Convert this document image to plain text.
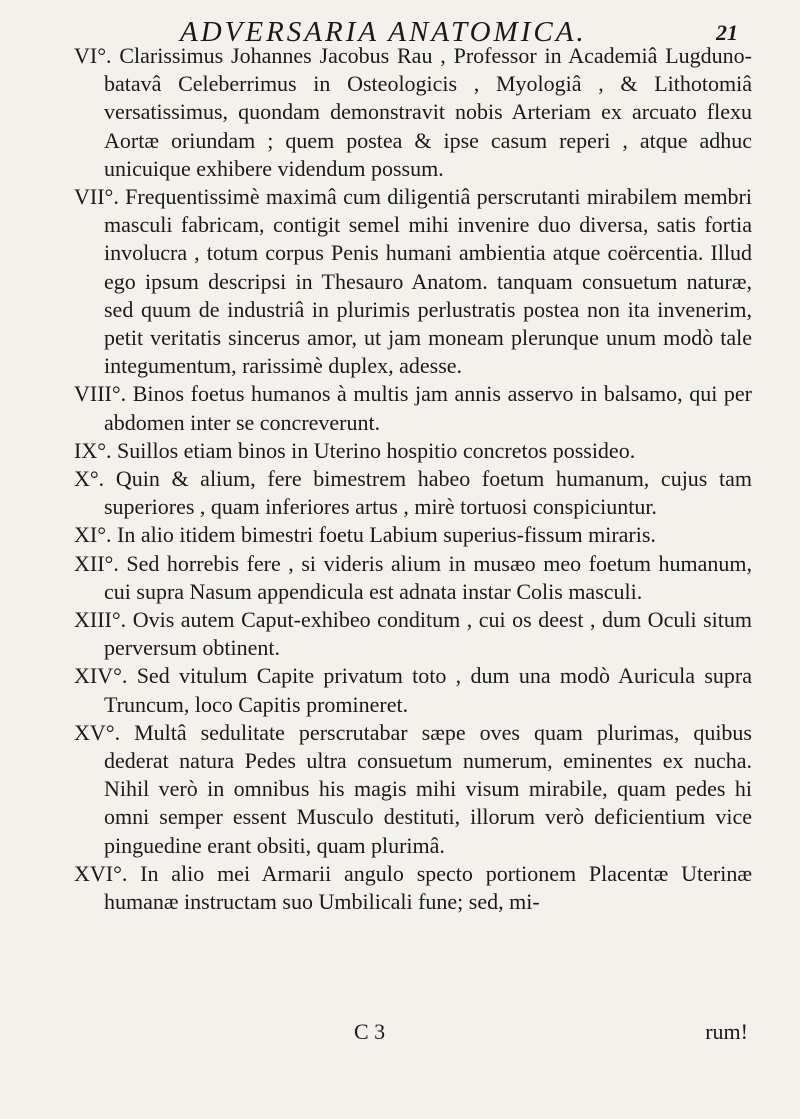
ADVERSARIA ANATOMICA.	21

VI°. Clarissimus Johannes Jacobus Rau , Professor in Academiâ Lugduno-batavâ Celeberrimus in Osteologicis , Myologiâ , & Lithotomiâ versatissimus, quondam demonstravit nobis Arteriam ex arcuato flexu Aortæ oriundam ; quem postea & ipse casum reperi , atque adhuc unicuique exhibere videndum possum.

VII°. Frequentissimè maximâ cum diligentiâ perscrutanti mirabilem membri masculi fabricam, contigit semel mihi invenire duo diversa, satis fortia involucra , totum corpus Penis humani ambientia atque coërcentia. Illud ego ipsum descripsi in Thesauro Anatom. tanquam consuetum naturæ, sed quum de industriâ in plurimis perlustratis postea non ita invenerim, petit veritatis sincerus amor, ut jam moneam plerunque unum modò tale integumentum, rarissimè duplex, adesse.

VIII°. Binos foetus humanos à multis jam annis asservo in balsamo, qui per abdomen inter se concreverunt.

IX°. Suillos etiam binos in Uterino hospitio concretos possideo.

X°. Quin & alium, fere bimestrem habeo foetum humanum, cujus tam superiores , quam inferiores artus , mirè tortuosi conspiciuntur.

XI°. In alio itidem bimestri foetu Labium superius-fissum miraris.

XII°. Sed horrebis fere , si videris alium in musæo meo foetum humanum, cui supra Nasum appendicula est adnata instar Colis masculi.

XIII°. Ovis autem Caput-exhibeo conditum , cui os deest , dum Oculi situm perversum obtinent.

XIV°. Sed vitulum Capite privatum toto , dum una modò Auricula supra Truncum, loco Capitis promineret.

XV°. Multâ sedulitate perscrutabar sæpe oves quam plurimas, quibus dederat natura Pedes ultra consuetum numerum, eminentes ex nucha. Nihil verò in omnibus his magis mihi visum mirabile, quam pedes hi omni semper essent Musculo destituti, illorum verò deficientium vice pinguedine erant obsiti, quam plurimâ.

XVI°. In alio mei Armarii angulo specto portionem Placentæ Uterinæ humanæ instructam suo Umbilicali fune; sed, mi-

C 3	rum!
